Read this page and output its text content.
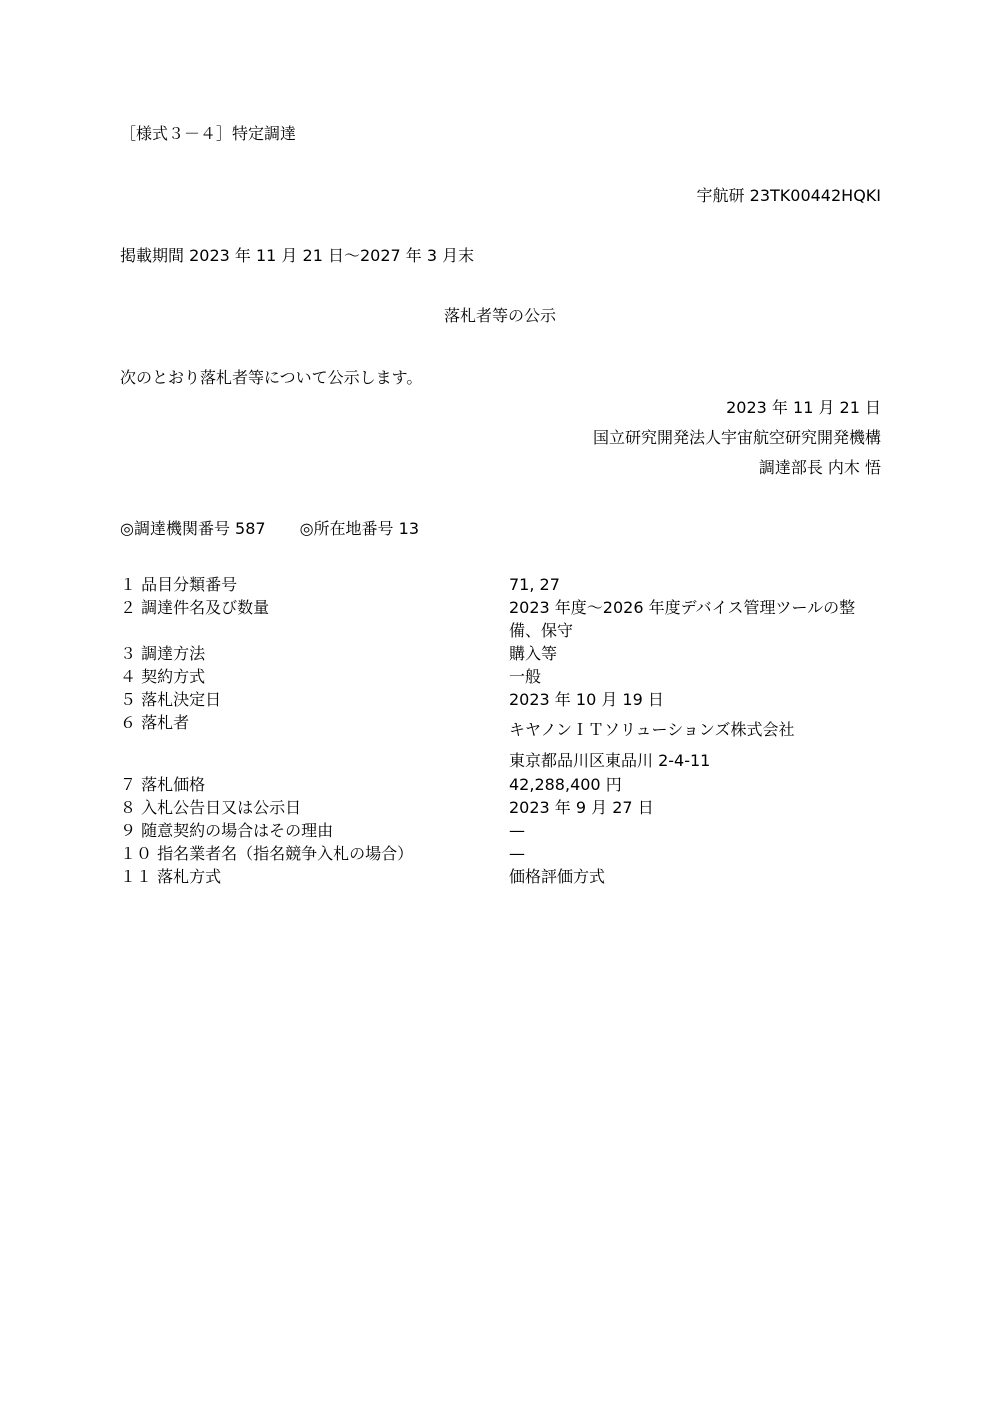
［様式３－４］特定調達
宇航研 23TK00442HQKI
掲載期間 2023 年 11 月 21 日～2027 年 3 月末
落札者等の公示
次のとおり落札者等について公示します。
2023 年 11 月 21 日
国立研究開発法人宇宙航空研究開発機構
調達部長 内木 悟
◎調達機関番号 587 ◎所在地番号 13
１ 品目分類番号	71, 27
２ 調達件名及び数量	2023 年度～2026 年度デバイス管理ツールの整
備、保守
３ 調達方法	購入等
４ 契約方式	一般
５ 落札決定日	2023 年 10 月 19 日
６ 落札者	キヤノンＩＴソリューションズ株式会社
東京都品川区東品川 2-4-11
７ 落札価格	42,288,400 円
８ 入札公告日又は公示日	2023 年 9 月 27 日
９ 随意契約の場合はその理由	—
１０ 指名業者名（指名競争入札の場合）	—
１１ 落札方式	価格評価方式
